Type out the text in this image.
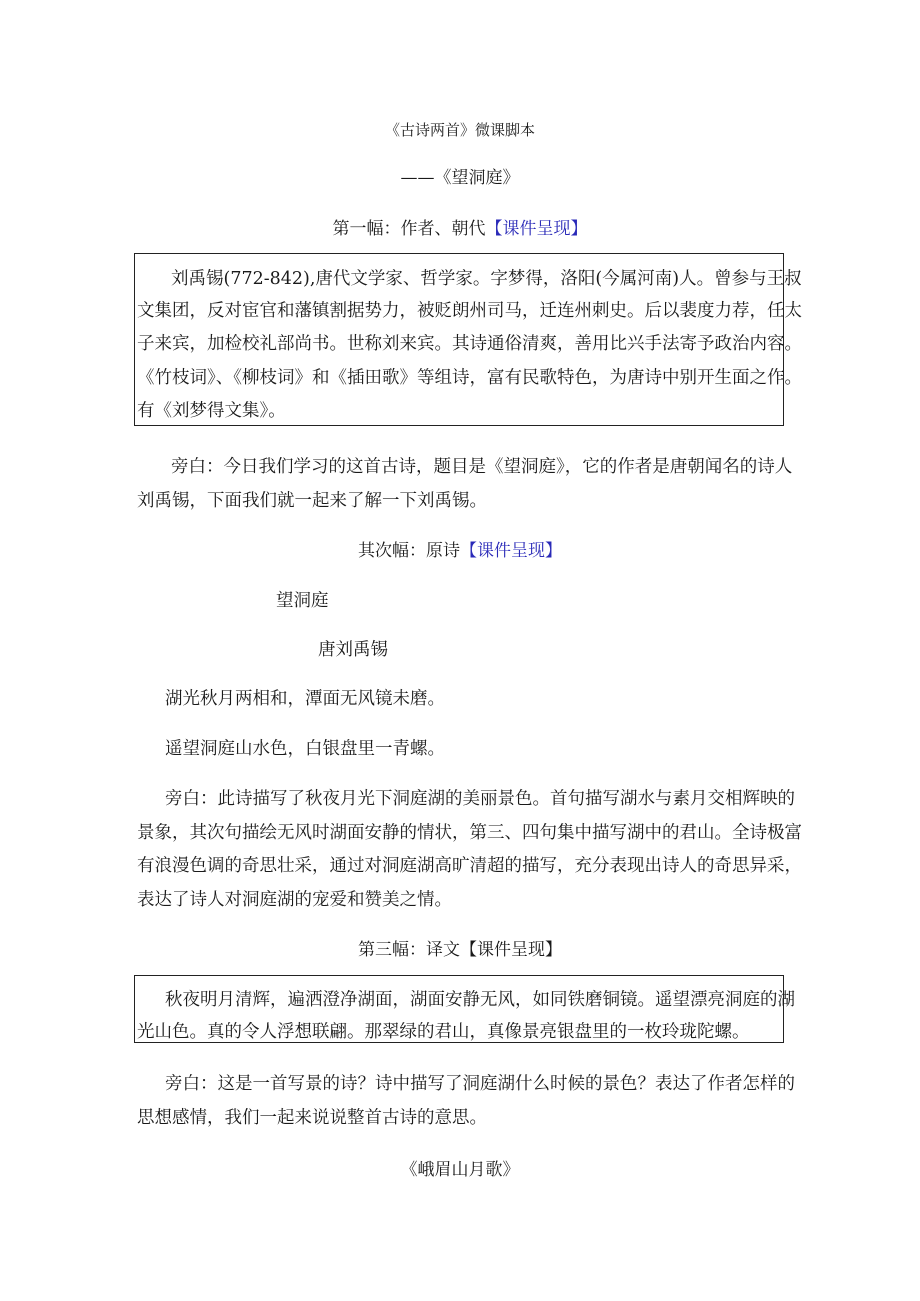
《古诗两首》微课脚本
——《望洞庭》
第一幅：作者、朝代【课件呈现】
刘禹锡(772-842),唐代文学家、哲学家。字梦得，洛阳(今属河南)人。曾参与王叔
文集团，反对宦官和藩镇割据势力，被贬朗州司马，迁连州刺史。后以裴度力荐，任太
子来宾，加检校礼部尚书。世称刘来宾。其诗通俗清爽，善用比兴手法寄予政治内容。
《竹枝词》、《柳枝词》和《插田歌》等组诗，富有民歌特色，为唐诗中别开生面之作。
有《刘梦得文集》。
旁白：今日我们学习的这首古诗，题目是《望洞庭》，它的作者是唐朝闻名的诗人
刘禹锡，下面我们就一起来了解一下刘禹锡。
其次幅：原诗【课件呈现】
望洞庭
唐刘禹锡
湖光秋月两相和，潭面无风镜未磨。
遥望洞庭山水色，白银盘里一青螺。
旁白：此诗描写了秋夜月光下洞庭湖的美丽景色。首句描写湖水与素月交相辉映的
景象，其次句描绘无风时湖面安静的情状，第三、四句集中描写湖中的君山。全诗极富
有浪漫色调的奇思壮采，通过对洞庭湖高旷清超的描写，充分表现出诗人的奇思异采，
表达了诗人对洞庭湖的宠爱和赞美之情。
第三幅：译文【课件呈现】
秋夜明月清辉，遍洒澄净湖面，湖面安静无风，如同铁磨铜镜。遥望漂亮洞庭的湖
光山色。真的令人浮想联翩。那翠绿的君山，真像景亮银盘里的一枚玲珑陀螺。
旁白：这是一首写景的诗？诗中描写了洞庭湖什么时候的景色？表达了作者怎样的
思想感情，我们一起来说说整首古诗的意思。
《峨眉山月歌》
